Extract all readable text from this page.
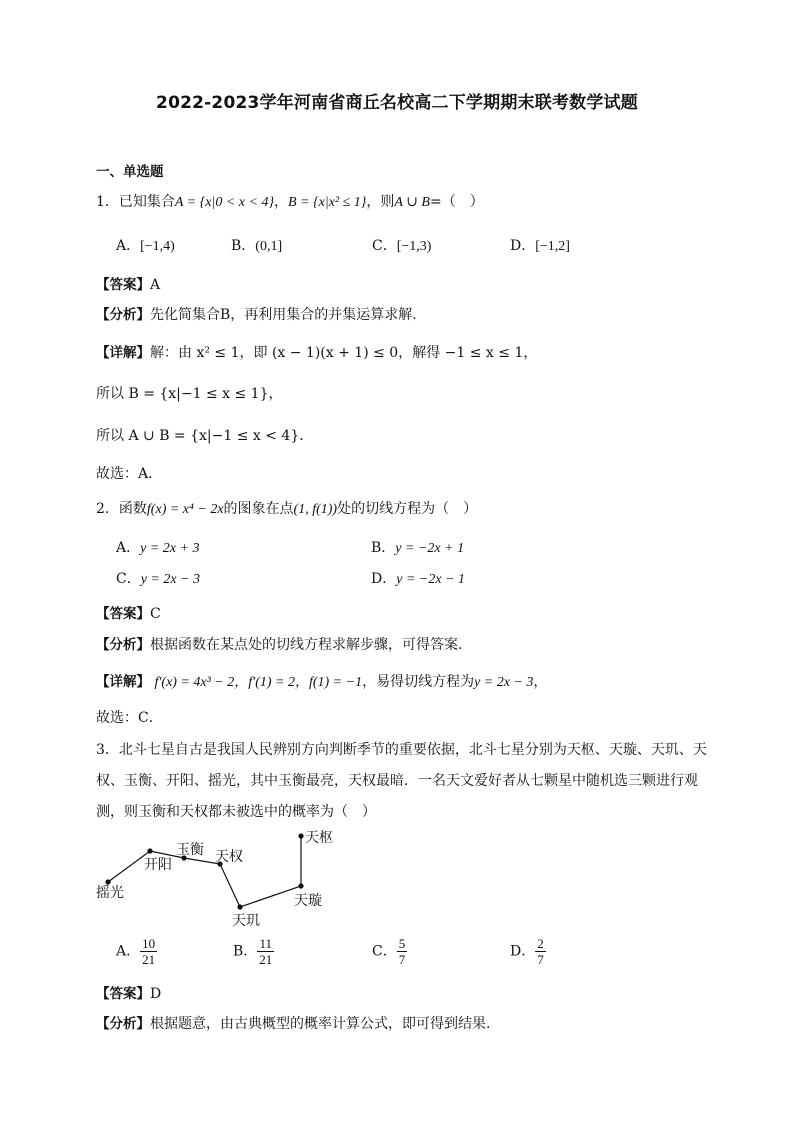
2022-2023学年河南省商丘名校高二下学期期末联考数学试题
一、单选题
1．已知集合A = {x|0 < x < 4}，B = {x|x² ≤ 1}，则A ∪ B=（　）
A．[−1,4)	B．(0,1]	C．[−1,3)	D．[−1,2]
【答案】A
【分析】先化简集合B，再利用集合的并集运算求解.
【详解】解：由 x² ≤ 1，即 (x − 1)(x + 1) ≤ 0，解得 −1 ≤ x ≤ 1，
所以 B = {x|−1 ≤ x ≤ 1}，
所以 A ∪ B = {x|−1 ≤ x < 4}．
故选：A．
2．函数f(x) = x⁴ − 2x的图象在点(1, f(1))处的切线方程为（　）
A．y = 2x + 3	B．y = −2x + 1
C．y = 2x − 3	D．y = −2x − 1
【答案】C
【分析】根据函数在某点处的切线方程求解步骤，可得答案.
【详解】 f′(x) = 4x³ − 2，f′(1) = 2，f(1) = −1，易得切线方程为y = 2x − 3，
故选：C．
3．北斗七星自古是我国人民辨别方向判断季节的重要依据，北斗七星分别为天枢、天璇、天玑、天
权、玉衡、开阳、摇光，其中玉衡最亮，天权最暗．一名天文爱好者从七颗星中随机选三颗进行观
测，则玉衡和天权都未被选中的概率为（　）
摇光
开阳
玉衡 天权
天玑
天璇
天枢
A． $\frac{10}{21}$	B． $\frac{11}{21}$	C． $\frac{5}{7}$	D． $\frac{2}{7}$
【答案】D
【分析】根据题意，由古典概型的概率计算公式，即可得到结果.
